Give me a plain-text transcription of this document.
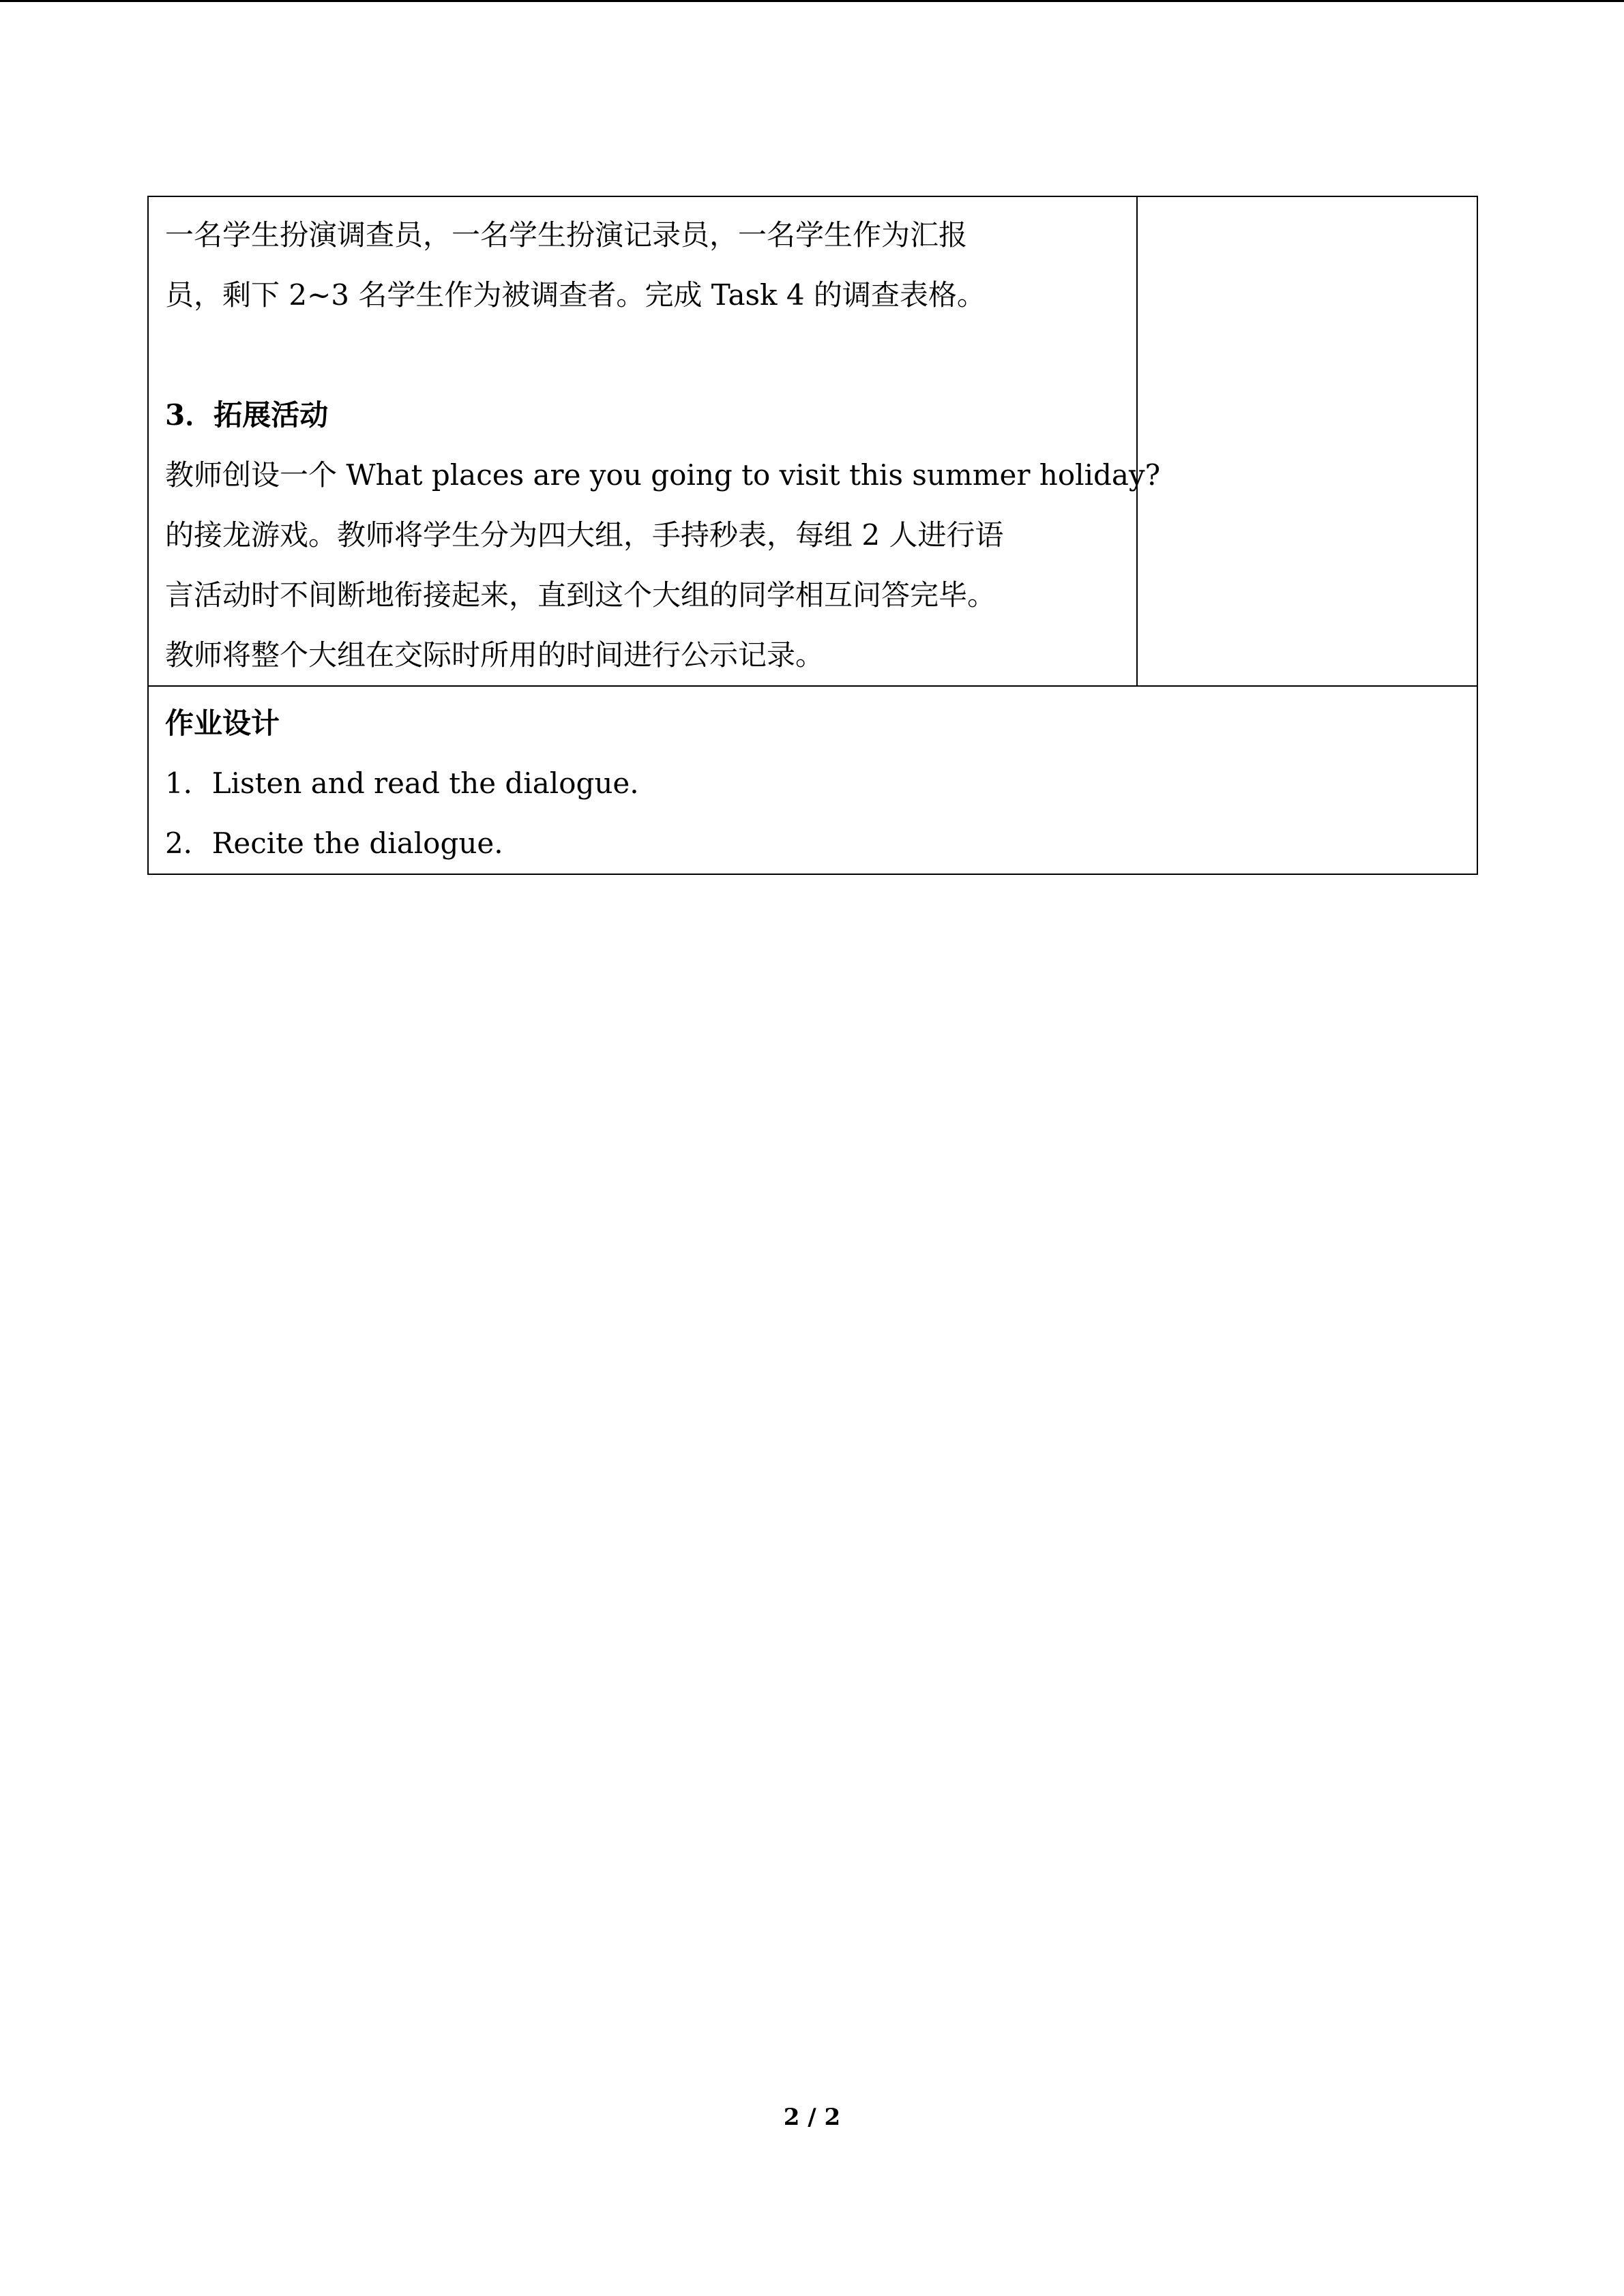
一名学生扮演调查员，一名学生扮演记录员，一名学生作为汇报
员，剩下 2~3 名学生作为被调查者。完成 Task 4 的调查表格。
3．拓展活动
教师创设一个 What places are you going to visit this summer holiday?
的接龙游戏。教师将学生分为四大组，手持秒表，每组 2 人进行语
言活动时不间断地衔接起来，直到这个大组的同学相互问答完毕。
教师将整个大组在交际时所用的时间进行公示记录。

作业设计
1．Listen and read the dialogue.
2．Recite the dialogue.
2 / 2
